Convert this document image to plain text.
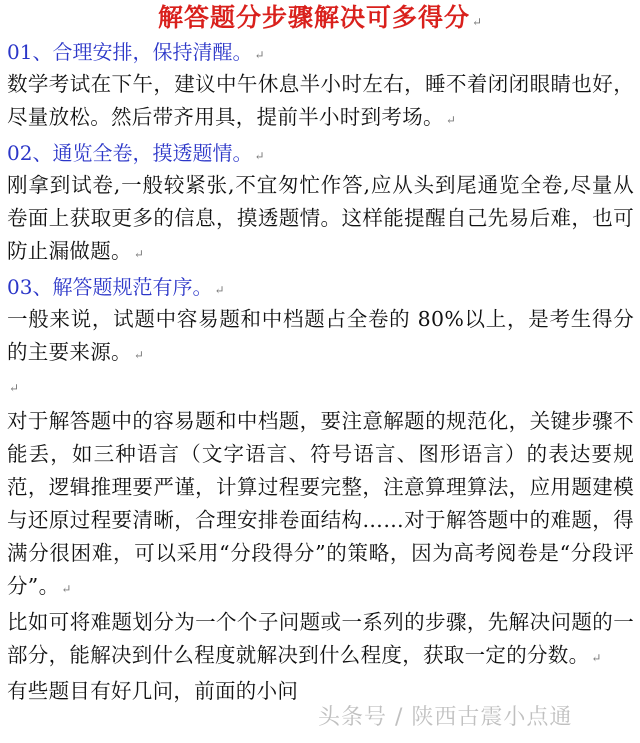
解答题分步骤解决可多得分 ↵
01、合理安排，保持清醒。 ↵
数学考试在下午，建议中午休息半小时左右，睡不着闭闭眼睛也好，尽量放松。然后带齐用具，提前半小时到考场。 ↵
02、通览全卷，摸透题情。 ↵
刚拿到试卷,一般较紧张,不宜匆忙作答,应从头到尾通览全卷,尽量从卷面上获取更多的信息，摸透题情。这样能提醒自己先易后难，也可防止漏做题。 ↵
03、解答题规范有序。 ↵
一般来说，试题中容易题和中档题占全卷的 80%以上，是考生得分的主要来源。 ↵
↵
对于解答题中的容易题和中档题，要注意解题的规范化，关键步骤不能丢，如三种语言（文字语言、符号语言、图形语言）的表达要规范，逻辑推理要严谨，计算过程要完整，注意算理算法，应用题建模与还原过程要清晰，合理安排卷面结构……对于解答题中的难题，得满分很困难，可以采用“分段得分”的策略，因为高考阅卷是“分段评分”。 ↵
比如可将难题划分为一个个子问题或一系列的步骤，先解决问题的一部分，能解决到什么程度就解决到什么程度，获取一定的分数。 ↵
有些题目有好几问，前面的小问
头条号 / 陕西古震小点通
